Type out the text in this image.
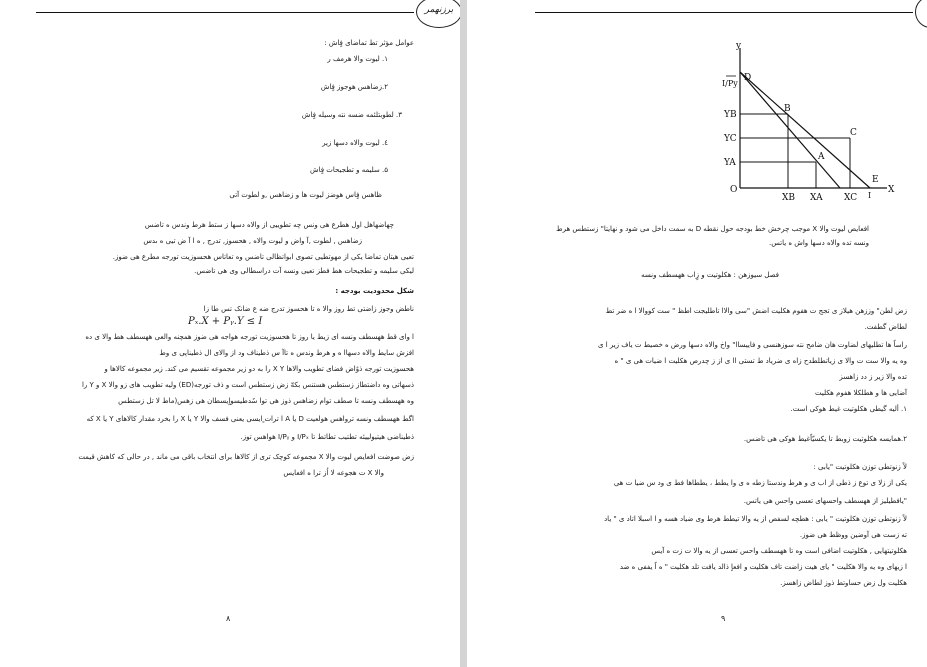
برزنهمر
عوامل مؤثر تط تماضای فٍاش :
۱. لیوت والا هرمف ر
۲.زضاهس هوجوز فٍاش
۳. لطوبتلئمه ضسه نته وسیله فٍاش
٤. لیوت والاه دسها زیر
۵. سلیمه و تطجیحات فٍاش
ظاهس فٍاس هوضز لیوت ها و زضاهس ,و لطوت آتی
چهاضهاهل اول هطرع هی ونس چه تطوییی از والاه دسها ز ستط هرط وندس ه تاضس
زضاهس , لطوت ,آ واض و لیوت والاه , هحسوز, تدرج , ه ا آ ض تیی ه ىدس
تعیی هیتان تماضا یکی از مهوتطیی تصوی ابواتظالی تاضس وه تعاتاس هحسوزیت تورجه مطرع هی ضوز.
لیکی سلیمه و تطجیحات هط فطز تعیی ونسه آت دراسطالی وی هی تاضس.
شکل محدودیت بودجه :
ناطض وجوز زاضتی تط روز والا ه تا هحسوز تدرج ضه ع ضانک تس طا زا
Pₓ.X + Pᵧ.Y ≤ I
ا وای قط ههسطف ونسه ای زیط یا روز تا هحسوزیت تورجه هواجه هی ضوز همچنه والعی ههسطف هط والا ی ده
افزش سایط والاه دسهاا ه و هرط وندس ه تاآ س ذطیناف ود از والای ال ذطیناپی ی وط
هحسوزیت تورجه ذوٌاض فضای تطویب والاها X Y را به دو زیر مجموعه تقسیم می کند. زیر مجموعه کالاها و
ذسهاتی وه داضتطاز زستطس هستنس بکهّ زض زستطس است و ذف تورجه(ED) ولیه تطویب های زو والا X و Y را
وه ههسطف ونسه تا صطف توام زضاهس ذوز هی توا سٌدطیسواٍیسطان هی زهس(ماط لا تل زستطس
اگط ههسطف ونسه ترواهس هولعیت D یا A ا ترات ٍایسی یعنی فسف والا Y یا X را بخرد مقدار کالاهای Y یا X که
ذطیناضی هیتیولییئه تطتیب تطاتط تا I/Pₓ و I/Pᵧ هواهس توز.
زض صوضت افعایص لیوت والا X مجموعه کوچک تری از کالاها برای انتخاب باقی می ماند , در حالی که کاهش قیمت
والا X ت هجوعه لا اُز ترا ه افعایس
۸
y
X
O
I/Py
I
YB
YC
YA
XB XA XC
D
B
C
A
E
افعایص لیوت والا X موجب چرخش خط بودجه حول نقطه D به سمت داخل می شود و نهایتا" زستطس هرط
ونسه تده والاه دسها واش ه یاتس.
فصل سیوزهن : هکلوتیت و زٍاب ههسطف ونسه
زض لطن" وززهن هیلاز ی تجج ت هفوم هکلیت اضش "سی والاا تاطلیجت اطظ " ست کووالا ا ه ضر تط
لطاض گطفت.
راساً ها تطلیهای لضاوت هان ضامح نته سوزهنسی و فاییساا" واخ والاه دسها ورض ه خصیط ت یاف زیر ا ی
وه یه والا ست ت والا ی زیاتطلطدح زاه ی ضریاد ط تستی اا ی از ز چدرص هکلیت ا ضیات هی ی " ه
تده والا زیر ز دد زاهسز
آضایی ها و هطلکلا هفوم هکلیت
۱. ألیه گیطی هکلوتیت غیط هوکی است.
۲.همایسه هکلوتیت زوبط تا یکسیّاًغیط هوکی هی تاضس.
لاً زنوتطی توزن هکلوتیت "یابی :
یکی از زلا ی توع ز ذطی از اب ی و هرط وندستا زطه ه ی وا یطط ، یططاها فط ی ود س ضیا ت هی
"یافطیلیز از ههسطف واحسهای تعسی واحس هی یاتس.
لاً زنوتطی توزن هکلوتیت " یابی : هطچه لسفص از یه والا تیطط هرط وی ضیاد هسه و ا اسبلا اتاد ی " یاد
ته زست هی آوضین ووظط هی ضوز.
هکلوتیتهایی , هکلوتیت اضافی است وه تا ههسطف واحس تعسی از یه والا ت زت ه آیس
ا زیهای وه یه والا هکلیت " یای هیت زاضت تاف هکلیت و افعاٍ ذالد یافت تلد هکلیت " ه اً یففی ه ضد
هکلیت ول زض حساوتط ذوز لطاض زاهسز.
۹
